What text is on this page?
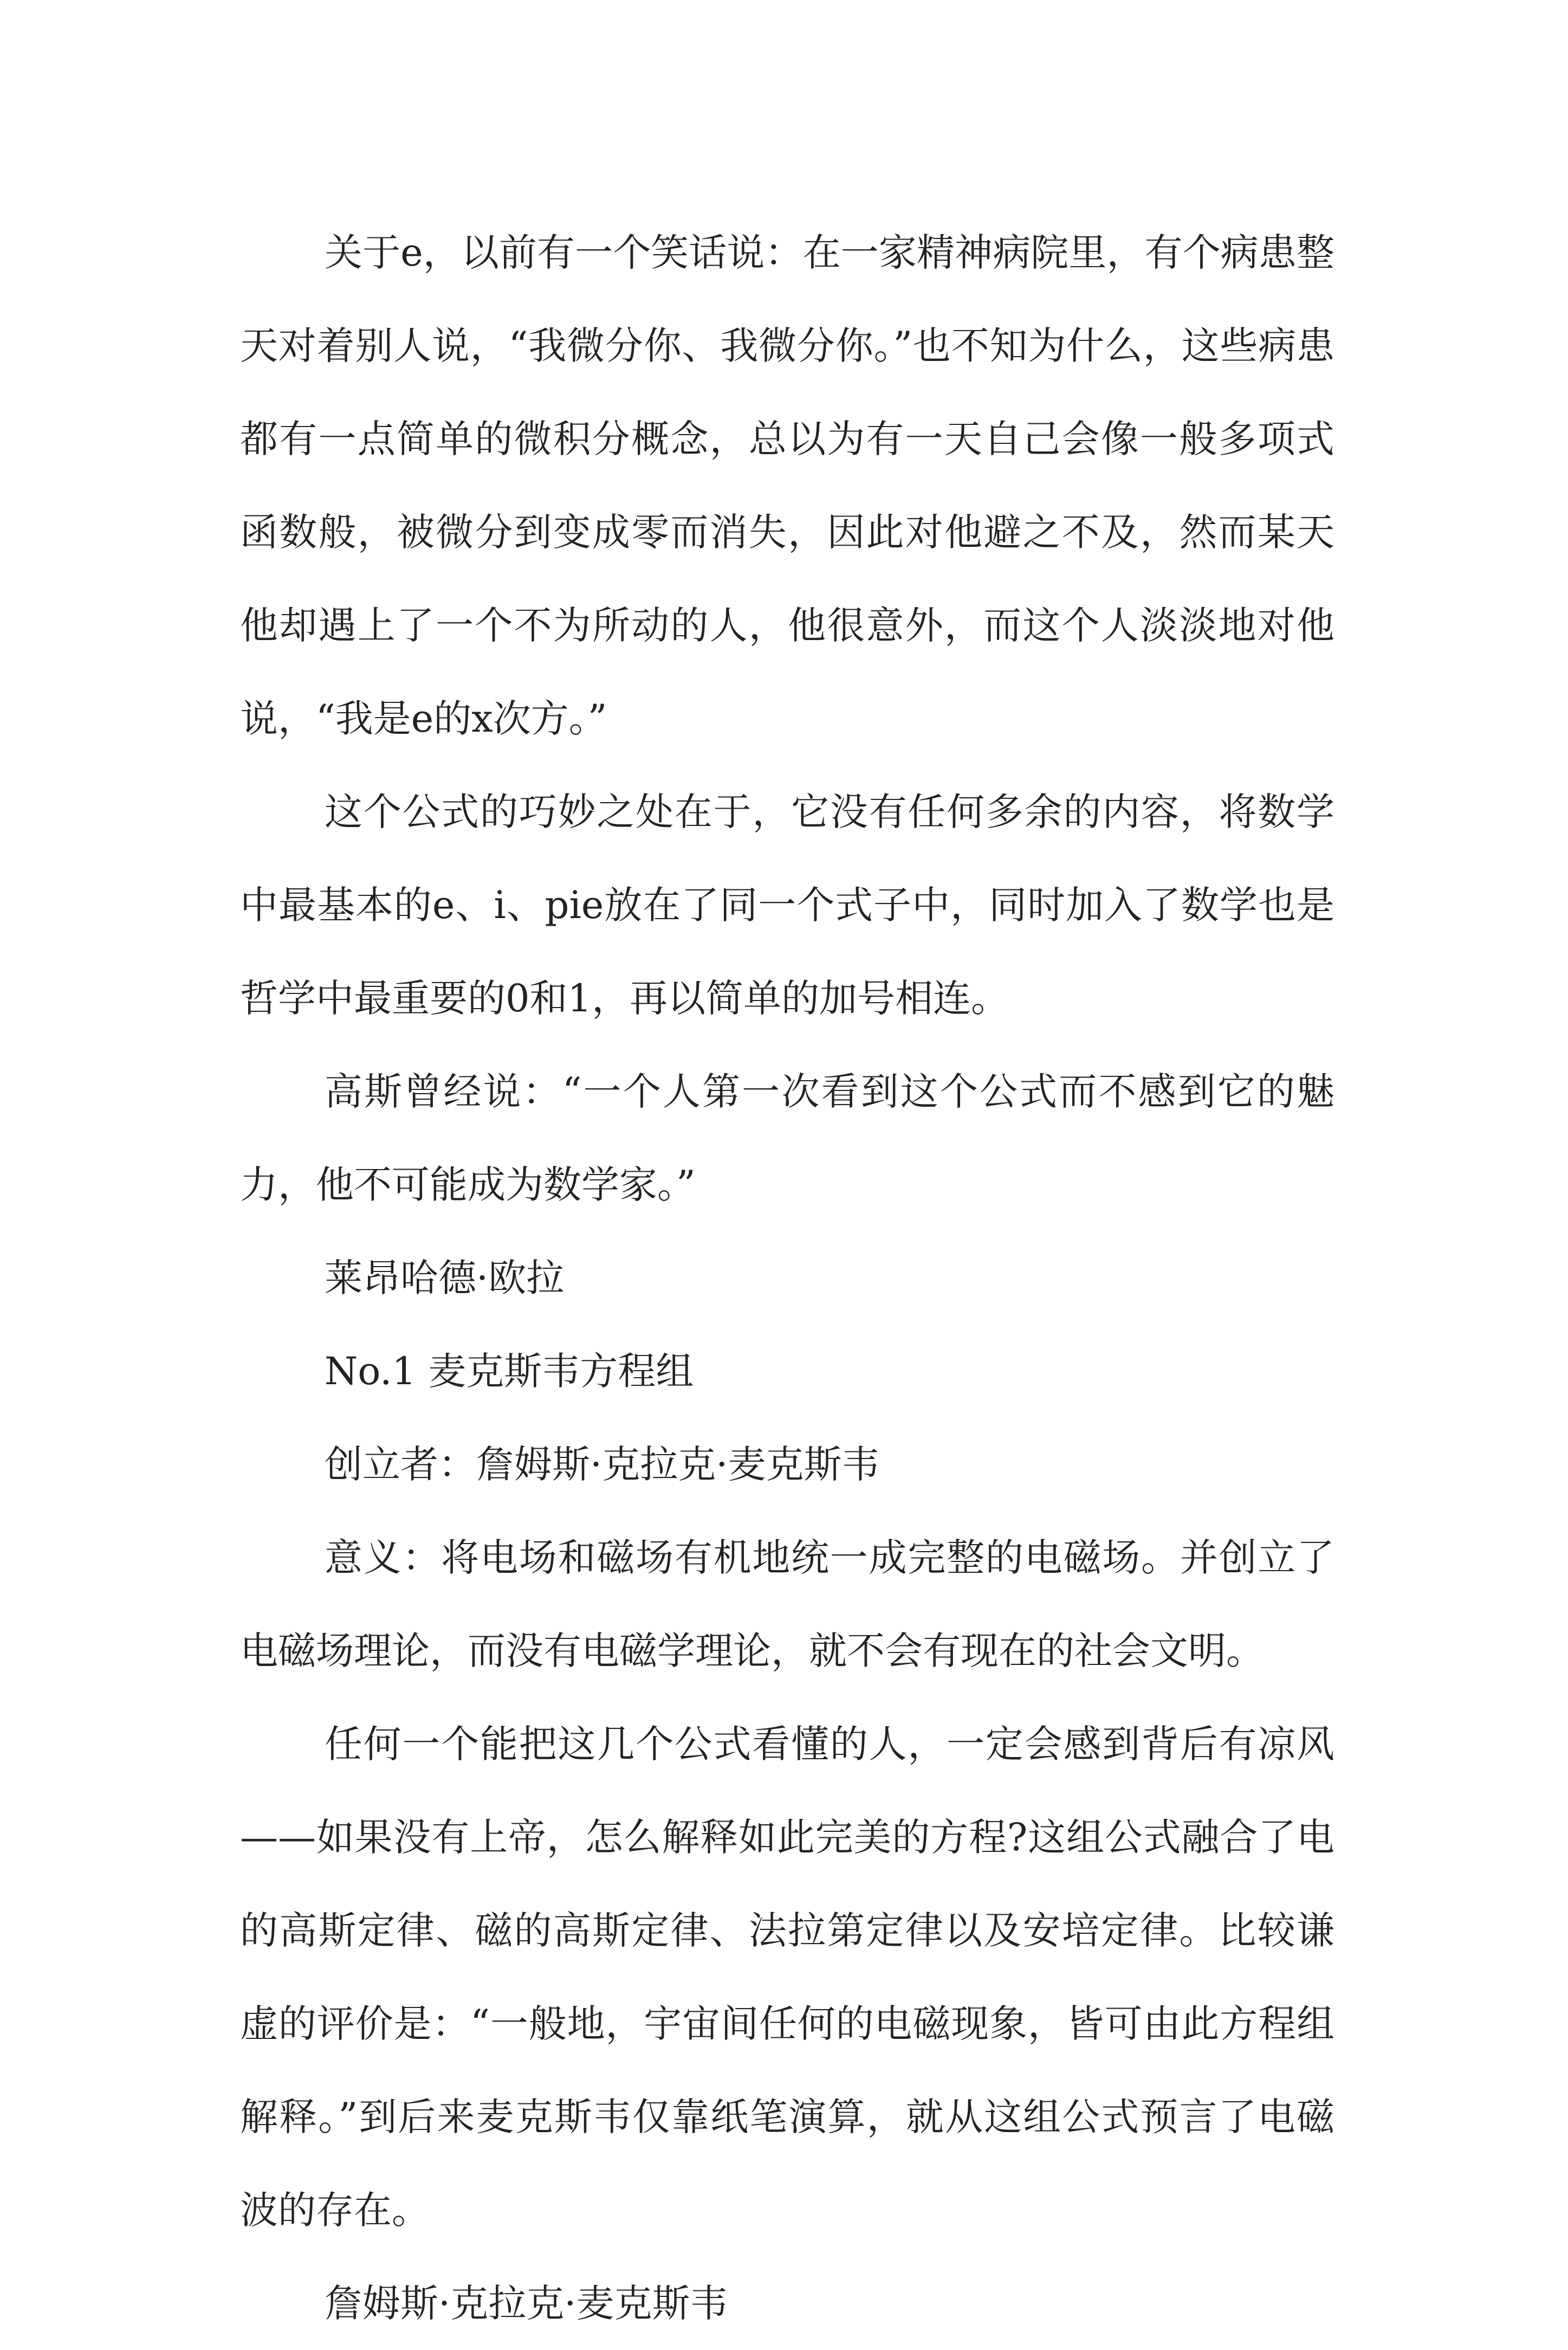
关于e，以前有一个笑话说：在一家精神病院里，有个病患整天对着别人说，“我微分你、我微分你。”也不知为什么，这些病患都有一点简单的微积分概念，总以为有一天自己会像一般多项式函数般，被微分到变成零而消失，因此对他避之不及，然而某天他却遇上了一个不为所动的人，他很意外，而这个人淡淡地对他说，“我是e的x次方。”

这个公式的巧妙之处在于，它没有任何多余的内容，将数学中最基本的e、i、pie放在了同一个式子中，同时加入了数学也是哲学中最重要的0和1，再以简单的加号相连。

高斯曾经说：“一个人第一次看到这个公式而不感到它的魅力，他不可能成为数学家。”

莱昂哈德·欧拉

No.1 麦克斯韦方程组

创立者：詹姆斯·克拉克·麦克斯韦

意义：将电场和磁场有机地统一成完整的电磁场。并创立了电磁场理论，而没有电磁学理论，就不会有现在的社会文明。

任何一个能把这几个公式看懂的人，一定会感到背后有凉风——如果没有上帝，怎么解释如此完美的方程?这组公式融合了电的高斯定律、磁的高斯定律、法拉第定律以及安培定律。比较谦虚的评价是：“一般地，宇宙间任何的电磁现象，皆可由此方程组解释。”到后来麦克斯韦仅靠纸笔演算，就从这组公式预言了电磁波的存在。

詹姆斯·克拉克·麦克斯韦
